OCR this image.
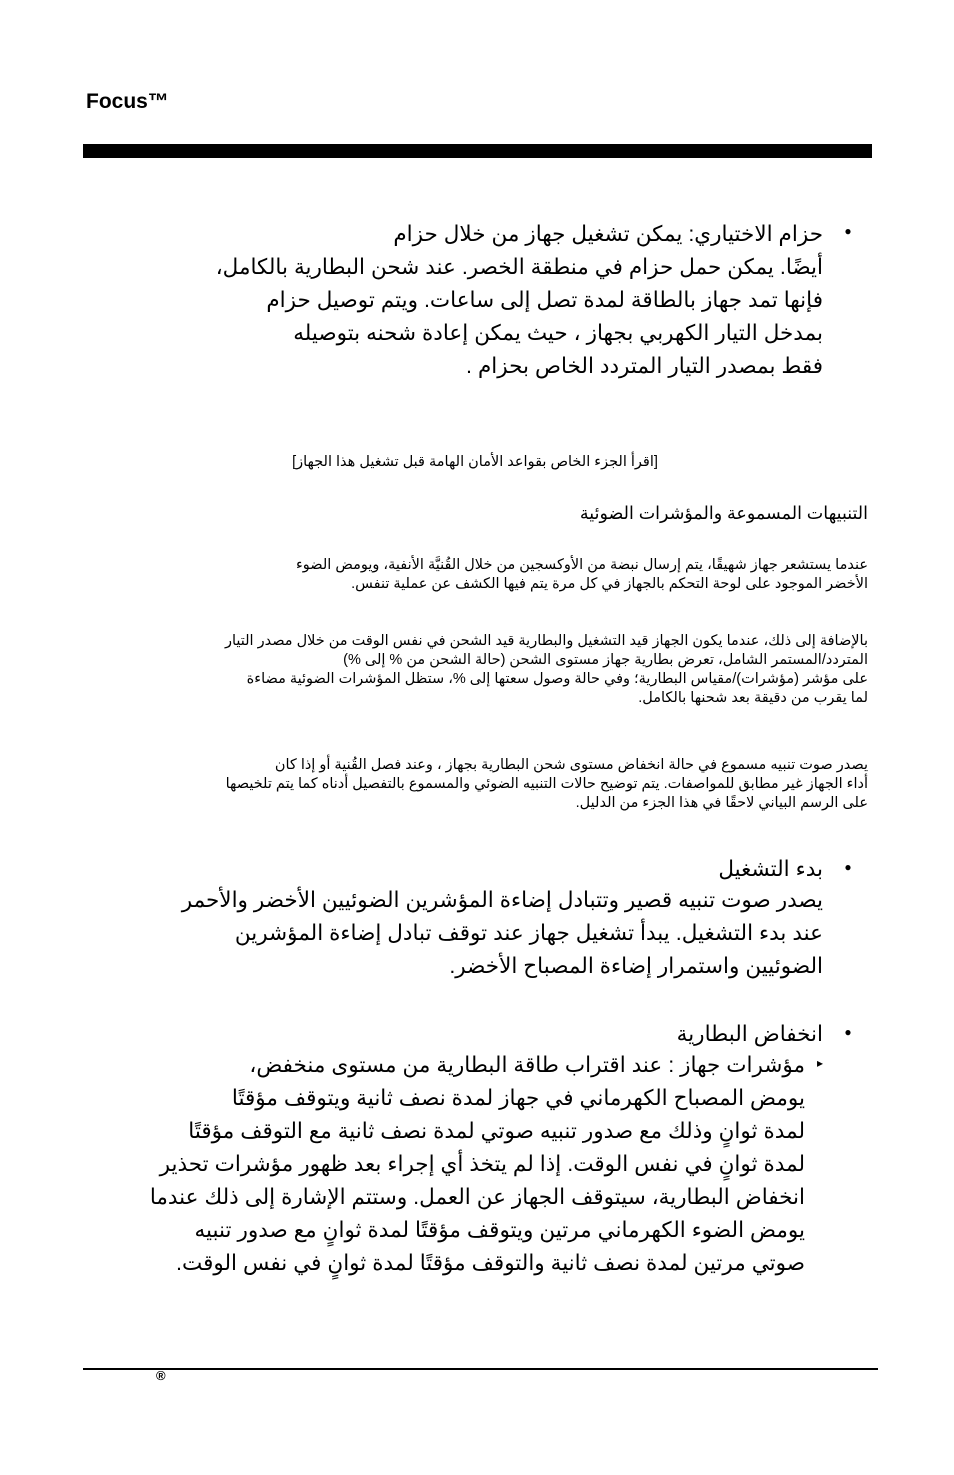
Focus™
●
حزام الاختياري: يمكن تشغيل جهاز من خلال حزام
أيضًا. يمكن حمل حزام في منطقة الخصر. عند شحن البطارية بالكامل،
فإنها تمد جهاز بالطاقة لمدة تصل إلى ساعات. ويتم توصيل حزام
بمدخل التيار الكهربي بجهاز ، حيث يمكن إعادة شحنه بتوصيله
فقط بمصدر التيار المتردد الخاص بحزام .
[اقرأ الجزء الخاص بقواعد الأمان الهامة قبل تشغيل هذا الجهاز]
التنبيهات المسموعة والمؤشرات الضوئية
عندما يستشعر جهاز شهيقًا، يتم إرسال نبضة من الأوكسجين من خلال القُنيَّة الأنفية، ويومض الضوء
الأخضر الموجود على لوحة التحكم بالجهاز في كل مرة يتم فيها الكشف عن عملية تنفس.
بالإضافة إلى ذلك، عندما يكون الجهاز قيد التشغيل والبطارية قيد الشحن في نفس الوقت من خلال مصدر التيار
المتردد/المستمر الشامل، تعرض بطارية جهاز مستوى الشحن (حالة الشحن من % إلى %)
على مؤشر (مؤشرات)/مقياس البطارية؛ وفي حالة وصول سعتها إلى %، ستظل المؤشرات الضوئية مضاءة
لما يقرب من دقيقة بعد شحنها بالكامل.
يصدر صوت تنبيه مسموع في حالة انخفاض مستوى شحن البطارية بجهاز ، وعند فصل القُنية أو إذا كان
أداء الجهاز غير مطابق للمواصفات. يتم توضيح حالات التنبيه الضوئي والمسموع بالتفصيل أدناه كما يتم تلخيصها
على الرسم البياني لاحقًا في هذا الجزء من الدليل.
●
بدء التشغيل
يصدر صوت تنبيه قصير وتتبادل إضاءة المؤشرين الضوئيين الأخضر والأحمر
عند بدء التشغيل. يبدأ تشغيل جهاز عند توقف تبادل إضاءة المؤشرين
الضوئيين واستمرار إضاءة المصباح الأخضر.
●
انخفاض البطارية
▸
مؤشرات جهاز : عند اقتراب طاقة البطارية من مستوى منخفض،
يومض المصباح الكهرماني في جهاز لمدة نصف ثانية ويتوقف مؤقتًا
لمدة ثوانٍ وذلك مع صدور تنبيه صوتي لمدة نصف ثانية مع التوقف مؤقتًا
لمدة ثوانٍ في نفس الوقت. إذا لم يتخذ أي إجراء بعد ظهور مؤشرات تحذير
انخفاض البطارية، سيتوقف الجهاز عن العمل. وستتم الإشارة إلى ذلك عندما
يومض الضوء الكهرماني مرتين ويتوقف مؤقتًا لمدة ثوانٍ مع صدور تنبيه
صوتي مرتين لمدة نصف ثانية والتوقف مؤقتًا لمدة ثوانٍ في نفس الوقت.
®
